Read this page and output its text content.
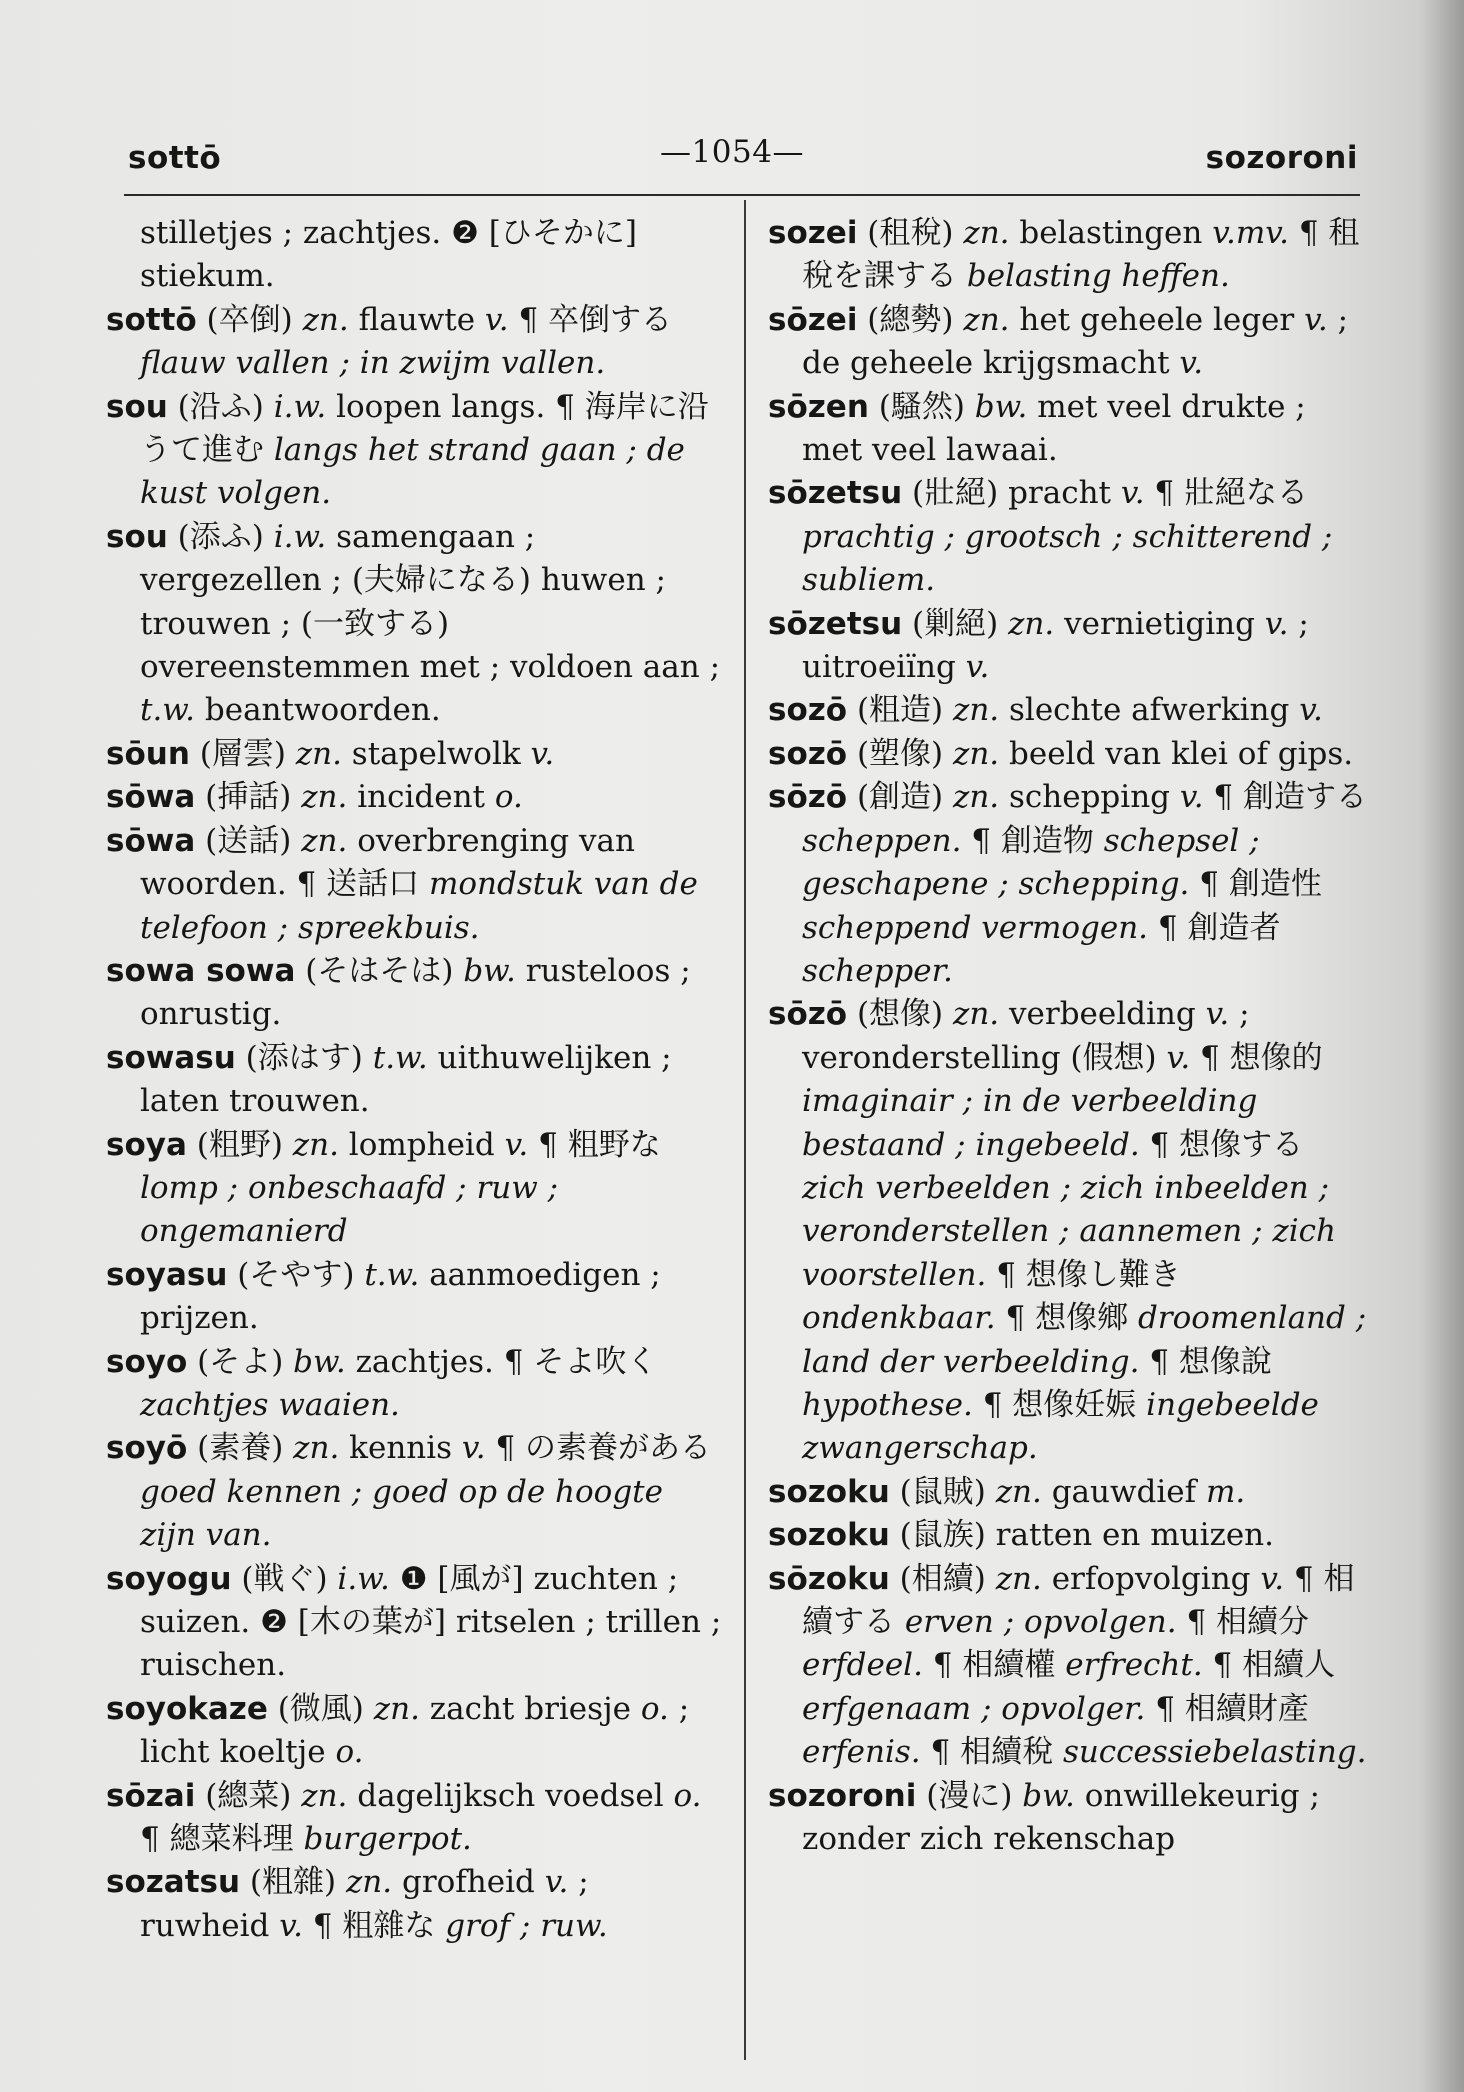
sottō	—1054—	sozoroni

stilletjes ; zachtjes. ❷ [ひそかに] stiekum.

sottō (卒倒) zn. flauwte v. ¶ 卒倒する flauw vallen ; in zwijm vallen.

sou (沿ふ) i.w. loopen langs. ¶ 海岸に沿うて進む langs het strand gaan ; de kust volgen.

sou (添ふ) i.w. samengaan ; vergezellen ; (夫婦になる) huwen ; trouwen ; (一致する) overeenstemmen met ; voldoen aan ; t.w. beantwoorden.

sōun (層雲) zn. stapelwolk v.

sōwa (挿話) zn. incident o.

sōwa (送話) zn. overbrenging van woorden. ¶ 送話口 mondstuk van de telefoon ; spreekbuis.

sowa sowa (そはそは) bw. rusteloos ; onrustig.

sowasu (添はす) t.w. uithuwelijken ; laten trouwen.

soya (粗野) zn. lompheid v. ¶ 粗野な lomp ; onbeschaafd ; ruw ; ongemanierd

soyasu (そやす) t.w. aanmoedigen ; prijzen.

soyo (そよ) bw. zachtjes. ¶ そよ吹く zachtjes waaien.

soyō (素養) zn. kennis v. ¶ の素養がある goed kennen ; goed op de hoogte zijn van.

soyogu (戦ぐ) i.w. ❶ [風が] zuchten ; suizen. ❷ [木の葉が] ritselen ; trillen ; ruischen.

soyokaze (微風) zn. zacht briesje o. ; licht koeltje o.

sōzai (總菜) zn. dagelijksch voedsel o. ¶ 總菜料理 burgerpot.

sozatsu (粗雜) zn. grofheid v. ; ruwheid v. ¶ 粗雜な grof ; ruw.

sozei (租稅) zn. belastingen v.mv. ¶ 租稅を課する belasting heffen.

sōzei (總勢) zn. het geheele leger v. ; de geheele krijgsmacht v.

sōzen (騷然) bw. met veel drukte ; met veel lawaai.

sōzetsu (壯絕) pracht v. ¶ 壯絕なる prachtig ; grootsch ; schitterend ; subliem.

sōzetsu (剿絕) zn. vernietiging v. ; uitroeiïng v.

sozō (粗造) zn. slechte afwerking v.

sozō (塑像) zn. beeld van klei of gips.

sōzō (創造) zn. schepping v. ¶ 創造する scheppen. ¶ 創造物 schepsel ; geschapene ; schepping. ¶ 創造性 scheppend vermogen. ¶ 創造者 schepper.

sōzō (想像) zn. verbeelding v. ; veronderstelling (假想) v. ¶ 想像的 imaginair ; in de verbeelding bestaand ; ingebeeld. ¶ 想像する zich verbeelden ; zich inbeelden ; veronderstellen ; aannemen ; zich voorstellen. ¶ 想像し難き ondenkbaar. ¶ 想像鄉 droomenland ; land der verbeelding. ¶ 想像說 hypothese. ¶ 想像妊娠 ingebeelde zwangerschap.

sozoku (鼠賊) zn. gauwdief m.

sozoku (鼠族) ratten en muizen.

sōzoku (相續) zn. erfopvolging v. ¶ 相續する erven ; opvolgen. ¶ 相續分 erfdeel. ¶ 相續權 erfrecht. ¶ 相續人 erfgenaam ; opvolger. ¶ 相續財產 erfenis. ¶ 相續稅 successiebelasting.

sozoroni (漫に) bw. onwillekeurig ; zonder zich rekenschap
